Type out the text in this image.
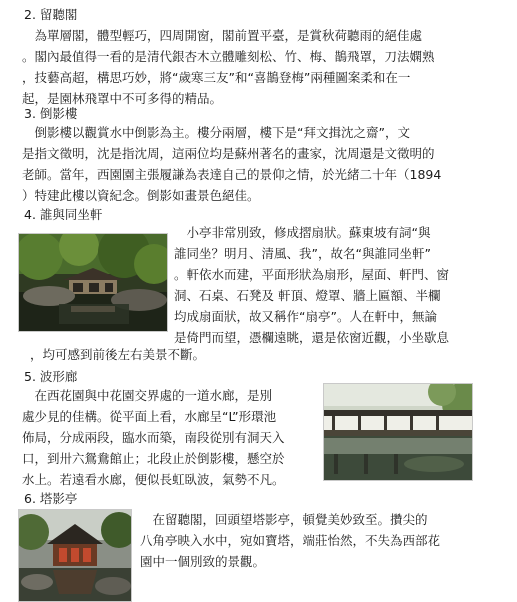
2. 留聽閣
　為單層閣，體型輕巧，四周開窗，閣前置平臺，是賞秋荷聽雨的絕佳處
。閣內最值得一看的是清代銀杏木立體雕刻松、竹、梅、鵲飛罩，刀法嫻熟
，技藝高超，構思巧妙，將“歲寒三友”和“喜鵲登梅”兩種圖案柔和在一
起，是園林飛罩中不可多得的精品。
3. 倒影樓
　倒影樓以觀賞水中倒影為主。樓分兩層，樓下是“拜文揖沈之齋”，文
是指文徵明，沈是指沈周，這兩位均是蘇州著名的畫家，沈周還是文徵明的
老師。當年，西園園主張履謙為表達自己的景仰之情，於光緒二十年（1894
）特建此樓以資紀念。倒影如畫景色絕佳。
4. 誰與同坐軒
　小亭非常別致，修成摺扇狀。蘇東坡有詞“與
誰同坐？明月、清風、我”，故名“與誰同坐軒”
。軒依水而建，平面形狀為扇形，屋面、軒門、窗
洞、石桌、石凳及 軒頂、燈罩、牆上匾額、半欄
均成扇面狀，故又稱作“扇亭”。人在軒中，無論
是倚門而望，憑欄遠眺，還是依窗近觀，小坐歇息
，均可感到前後左右美景不斷。
5. 波形廊
　在西花園與中花園交界處的一道水廊，是別
處少見的佳構。從平面上看，水廊呈“L”形環池
佈局，分成兩段，臨水而築，南段從別有洞天入
口，到卅六鴛鴦館止；北段止於倒影樓，懸空於
水上。若遠看水廊，便似長虹臥波，氣勢不凡。
6. 塔影亭
　在留聽閣，回頭望塔影亭，頓覺美妙致至。攢尖的
八角亭映入水中，宛如寶塔，端莊怡然，不失為西部花
園中一個別致的景觀。
